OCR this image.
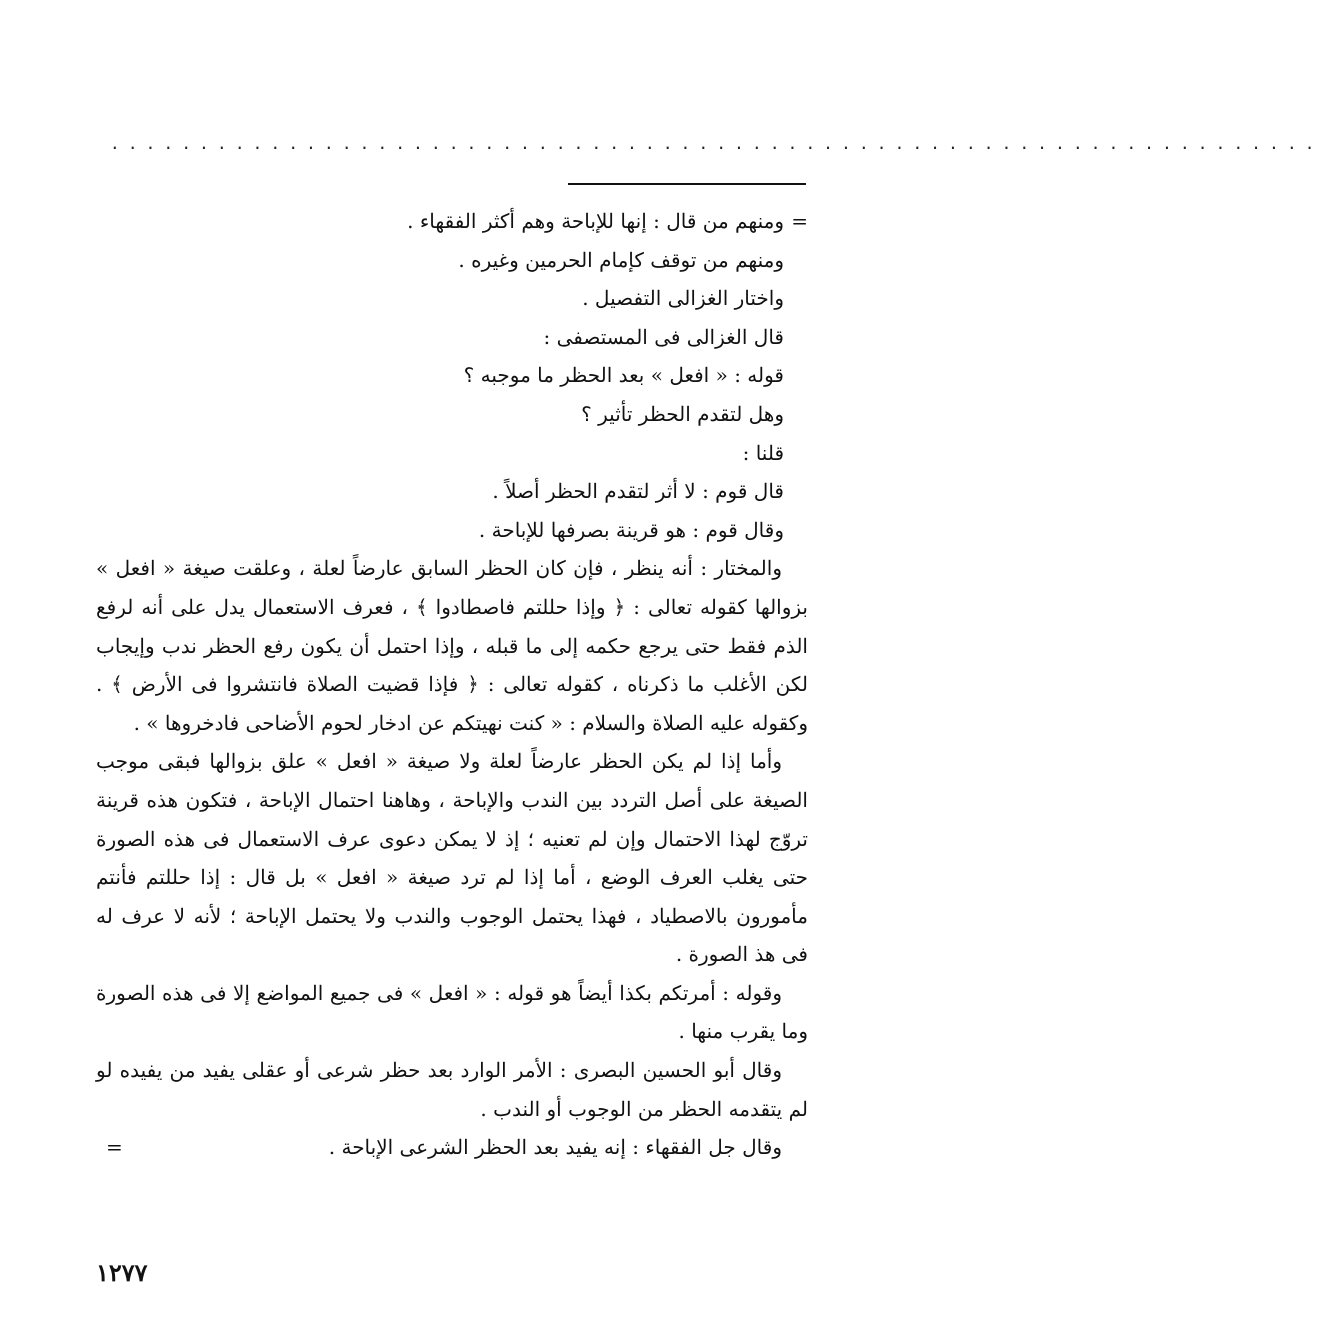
....................................................................

=ومنهم من قال : إنها للإباحة وهم أكثر الفقهاء .

ومنهم من توقف كإمام الحرمين وغيره .

واختار الغزالى التفصيل .

قال الغزالى فى المستصفى :

قوله : « افعل » بعد الحظر ما موجبه ؟

وهل لتقدم الحظر تأثير ؟

قلنا :

قال قوم : لا أثر لتقدم الحظر أصلاً .

وقال قوم : هو قرينة بصرفها للإباحة .

والمختار : أنه ينظر ، فإن كان الحظر السابق عارضاً لعلة ، وعلقت صيغة « افعل » بزوالها كقوله تعالى : ﴿ وإذا حللتم فاصطادوا ﴾ ، فعرف الاستعمال يدل على أنه لرفع الذم فقط حتى يرجع حكمه إلى ما قبله ، وإذا احتمل أن يكون رفع الحظر ندب وإيجاب لكن الأغلب ما ذكرناه ، كقوله تعالى : ﴿ فإذا قضيت الصلاة فانتشروا فى الأرض ﴾ . وكقوله عليه الصلاة والسلام : « كنت نهيتكم عن ادخار لحوم الأضاحى فادخروها » .

وأما إذا لم يكن الحظر عارضاً لعلة ولا صيغة « افعل » علق بزوالها فبقى موجب الصيغة على أصل التردد بين الندب والإباحة ، وهاهنا احتمال الإباحة ، فتكون هذه قرينة تروّج لهذا الاحتمال وإن لم تعنيه ؛ إذ لا يمكن دعوى عرف الاستعمال فى هذه الصورة حتى يغلب العرف الوضع ، أما إذا لم ترد صيغة « افعل » بل قال : إذا حللتم فأنتم مأمورون بالاصطياد ، فهذا يحتمل الوجوب والندب ولا يحتمل الإباحة ؛ لأنه لا عرف له فى هذ الصورة .

وقوله : أمرتكم بكذا أيضاً هو قوله : « افعل » فى جميع المواضع إلا فى هذه الصورة وما يقرب منها .

وقال أبو الحسين البصرى : الأمر الوارد بعد حظر شرعى أو عقلى يفيد من يفيده لو لم يتقدمه الحظر من الوجوب أو الندب .

وقال جل الفقهاء : إنه يفيد بعد الحظر الشرعى الإباحة .
=

١٢٧٧
